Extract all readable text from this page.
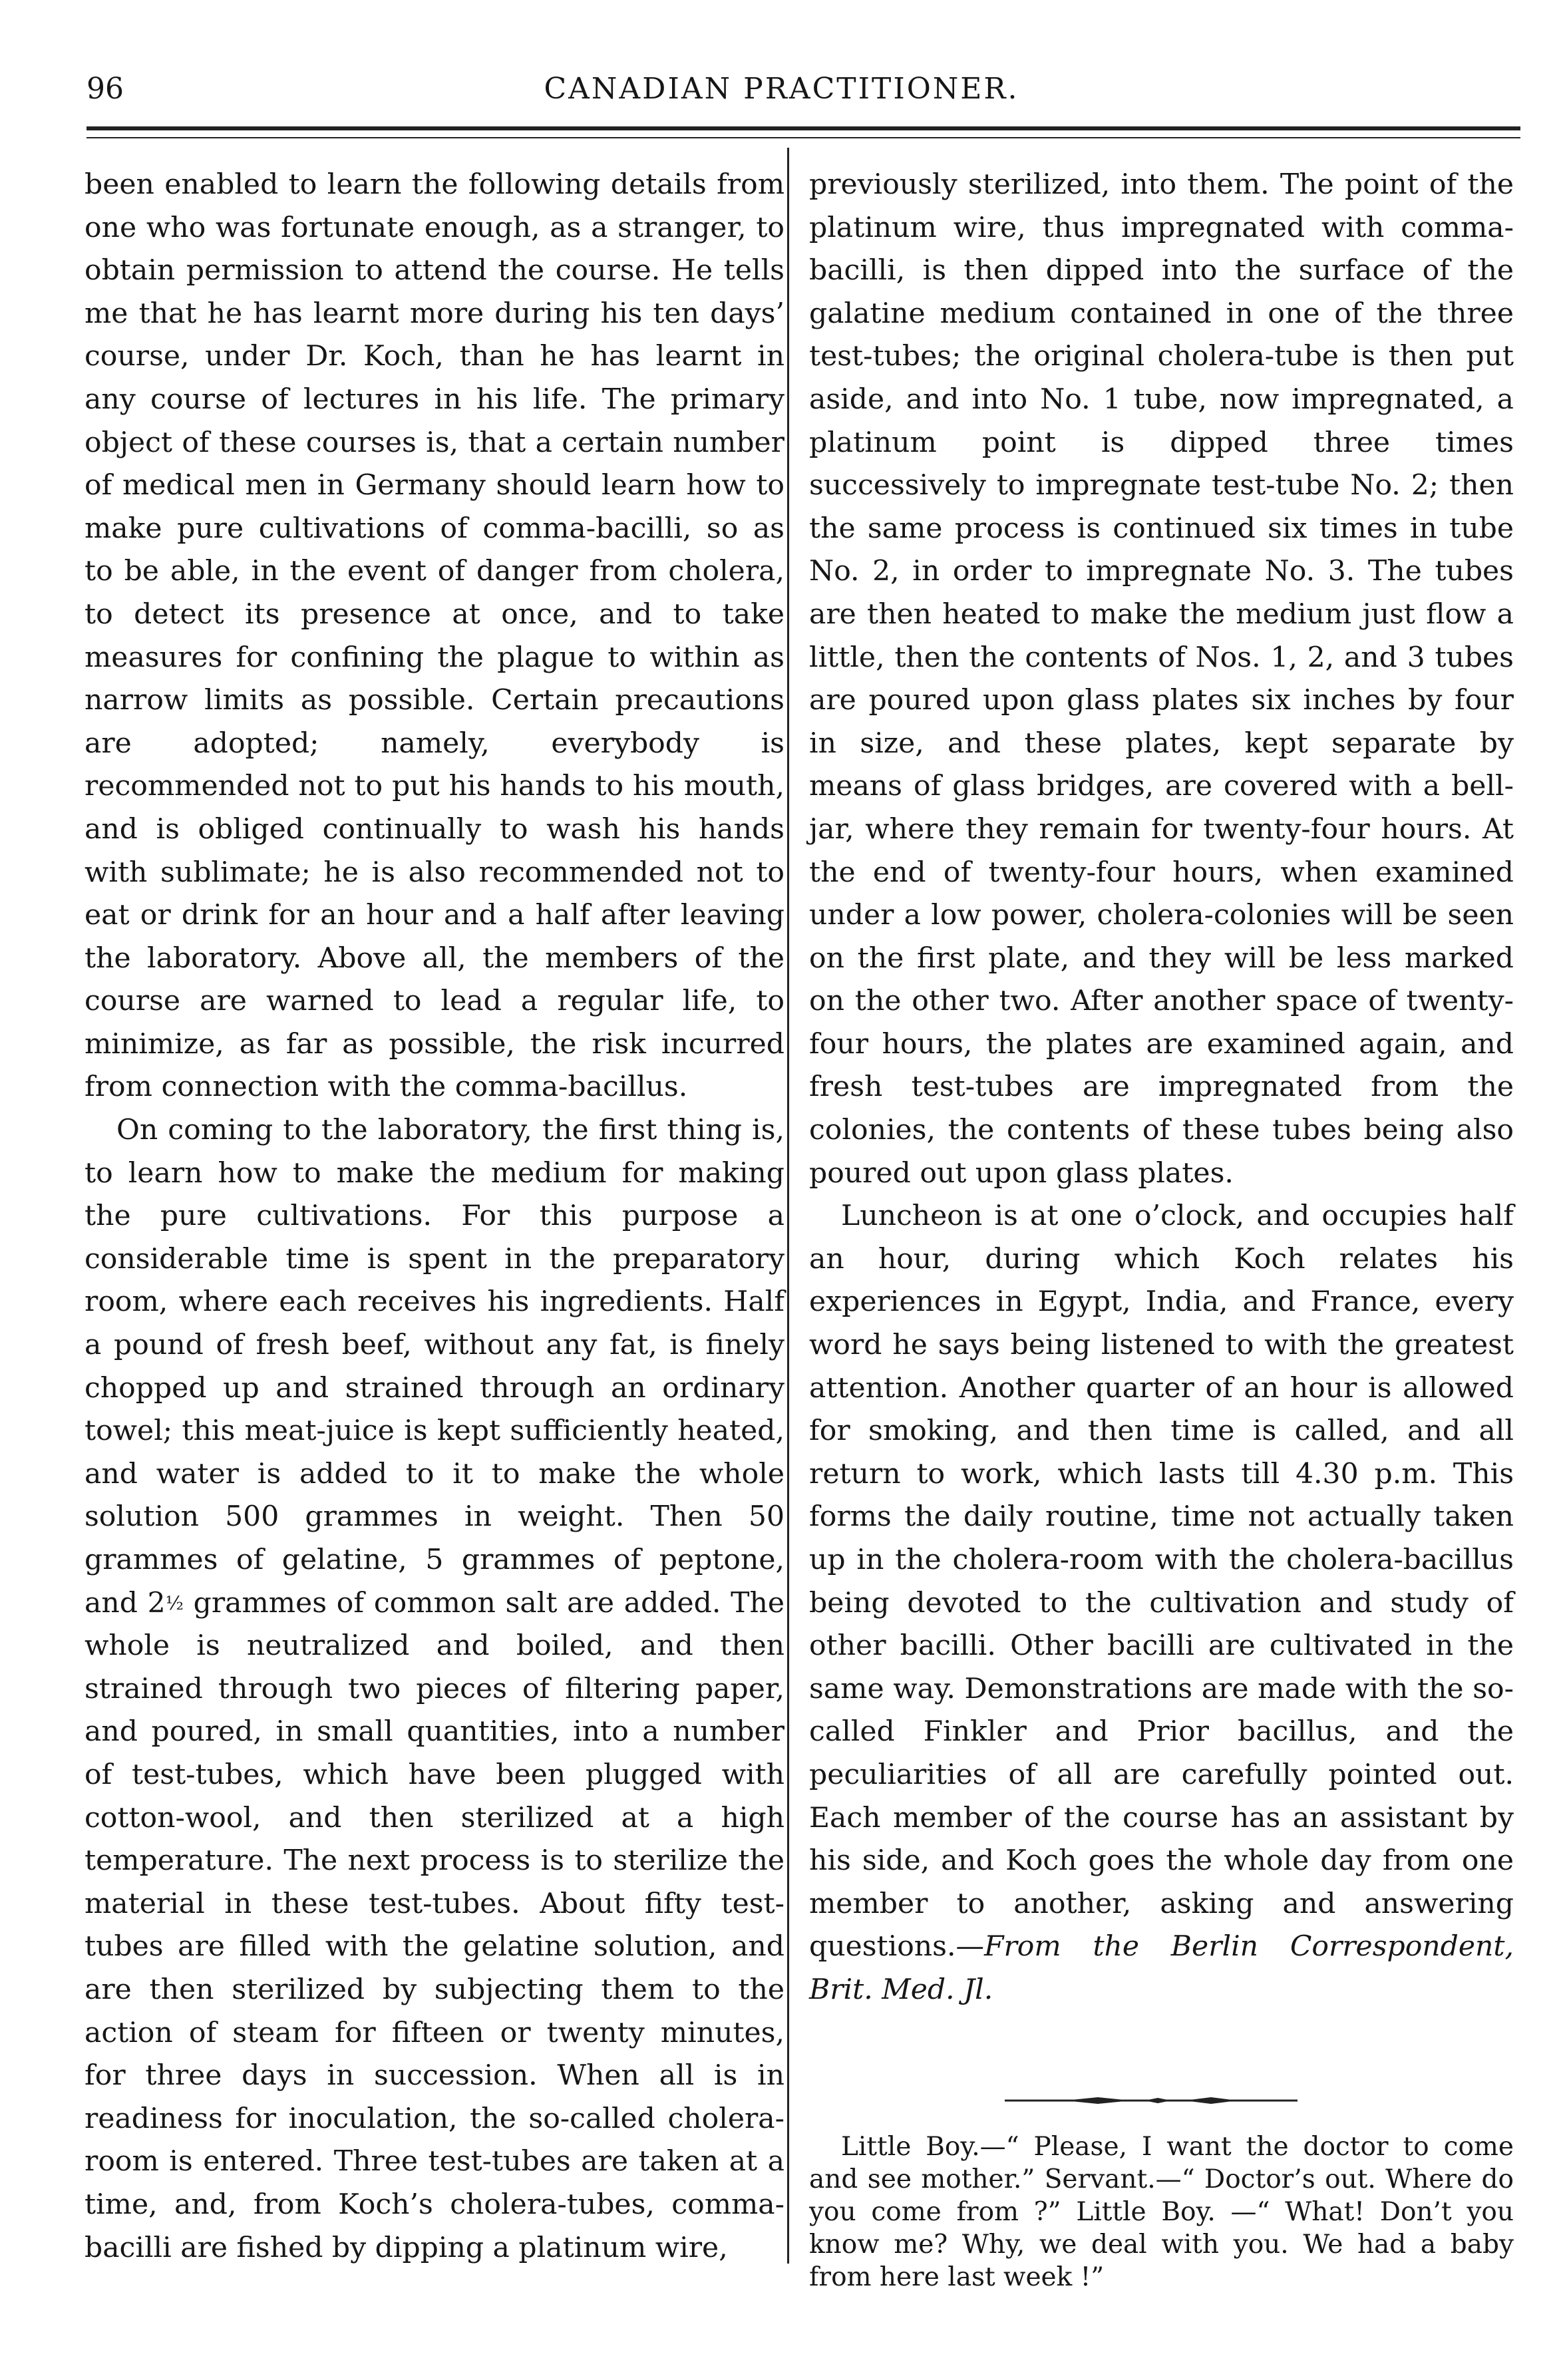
96	CANADIAN PRACTITIONER.

been enabled to learn the following details from one who was fortunate enough, as a stranger, to obtain permission to attend the course. He tells me that he has learnt more during his ten days’ course, under Dr. Koch, than he has learnt in any course of lectures in his life. The primary object of these courses is, that a certain number of medical men in Germany should learn how to make pure cultivations of comma-bacilli, so as to be able, in the event of danger from cholera, to detect its presence at once, and to take measures for confining the plague to within as narrow limits as possible. Certain precautions are adopted; namely, everybody is recommended not to put his hands to his mouth, and is obliged continually to wash his hands with sublimate; he is also recommended not to eat or drink for an hour and a half after leaving the laboratory. Above all, the members of the course are warned to lead a regular life, to minimize, as far as possible, the risk incurred from connection with the comma-bacillus.

On coming to the laboratory, the first thing is, to learn how to make the medium for making the pure cultivations. For this purpose a considerable time is spent in the preparatory room, where each receives his ingredients. Half a pound of fresh beef, without any fat, is finely chopped up and strained through an ordinary towel; this meat-juice is kept sufficiently heated, and water is added to it to make the whole solution 500 grammes in weight. Then 50 grammes of gelatine, 5 grammes of peptone, and 2½ grammes of common salt are added. The whole is neutralized and boiled, and then strained through two pieces of filtering paper, and poured, in small quantities, into a number of test-tubes, which have been plugged with cotton-wool, and then sterilized at a high temperature. The next process is to sterilize the material in these test-tubes. About fifty test-tubes are filled with the gelatine solution, and are then sterilized by subjecting them to the action of steam for fifteen or twenty minutes, for three days in succession. When all is in readiness for inoculation, the so-called cholera-room is entered. Three test-tubes are taken at a time, and, from Koch’s cholera-tubes, comma-bacilli are fished by dipping a platinum wire,

previously sterilized, into them. The point of the platinum wire, thus impregnated with comma-bacilli, is then dipped into the surface of the galatine medium contained in one of the three test-tubes; the original cholera-tube is then put aside, and into No. 1 tube, now impregnated, a platinum point is dipped three times successively to impregnate test-tube No. 2; then the same process is continued six times in tube No. 2, in order to impregnate No. 3. The tubes are then heated to make the medium just flow a little, then the contents of Nos. 1, 2, and 3 tubes are poured upon glass plates six inches by four in size, and these plates, kept separate by means of glass bridges, are covered with a bell-jar, where they remain for twenty-four hours. At the end of twenty-four hours, when examined under a low power, cholera-colonies will be seen on the first plate, and they will be less marked on the other two. After another space of twenty-four hours, the plates are examined again, and fresh test-tubes are impregnated from the colonies, the contents of these tubes being also poured out upon glass plates.

Luncheon is at one o’clock, and occupies half an hour, during which Koch relates his experiences in Egypt, India, and France, every word he says being listened to with the greatest attention. Another quarter of an hour is allowed for smoking, and then time is called, and all return to work, which lasts till 4.30 p.m. This forms the daily routine, time not actually taken up in the cholera-room with the cholera-bacillus being devoted to the cultivation and study of other bacilli. Other bacilli are cultivated in the same way. Demonstrations are made with the so-called Finkler and Prior bacillus, and the peculiarities of all are carefully pointed out. Each member of the course has an assistant by his side, and Koch goes the whole day from one member to another, asking and answering questions.—From the Berlin Correspondent, Brit. Med. Jl.

Little Boy.—“ Please, I want the doctor to come and see mother.” Servant.—“ Doctor’s out. Where do you come from ?” Little Boy. —“ What! Don’t you know me? Why, we deal with you. We had a baby from here last week !”
